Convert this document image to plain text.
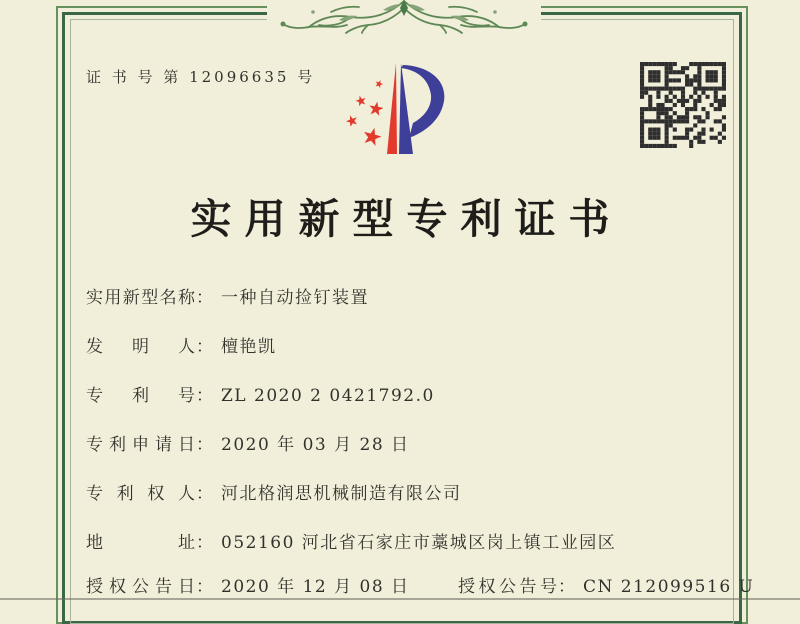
证 书 号 第 12096635 号
实用新型专利证书
实用新型名称： 一种自动捡钉装置
发明人： 檀艳凯
专利号： ZL 2020 2 0421792.0
专利申请日： 2020 年 03 月 28 日
专利权人： 河北格润思机械制造有限公司
地址： 052160 河北省石家庄市藁城区岗上镇工业园区
授权公告日： 2020 年 12 月 08 日	授权公告号： CN 212099516 U
